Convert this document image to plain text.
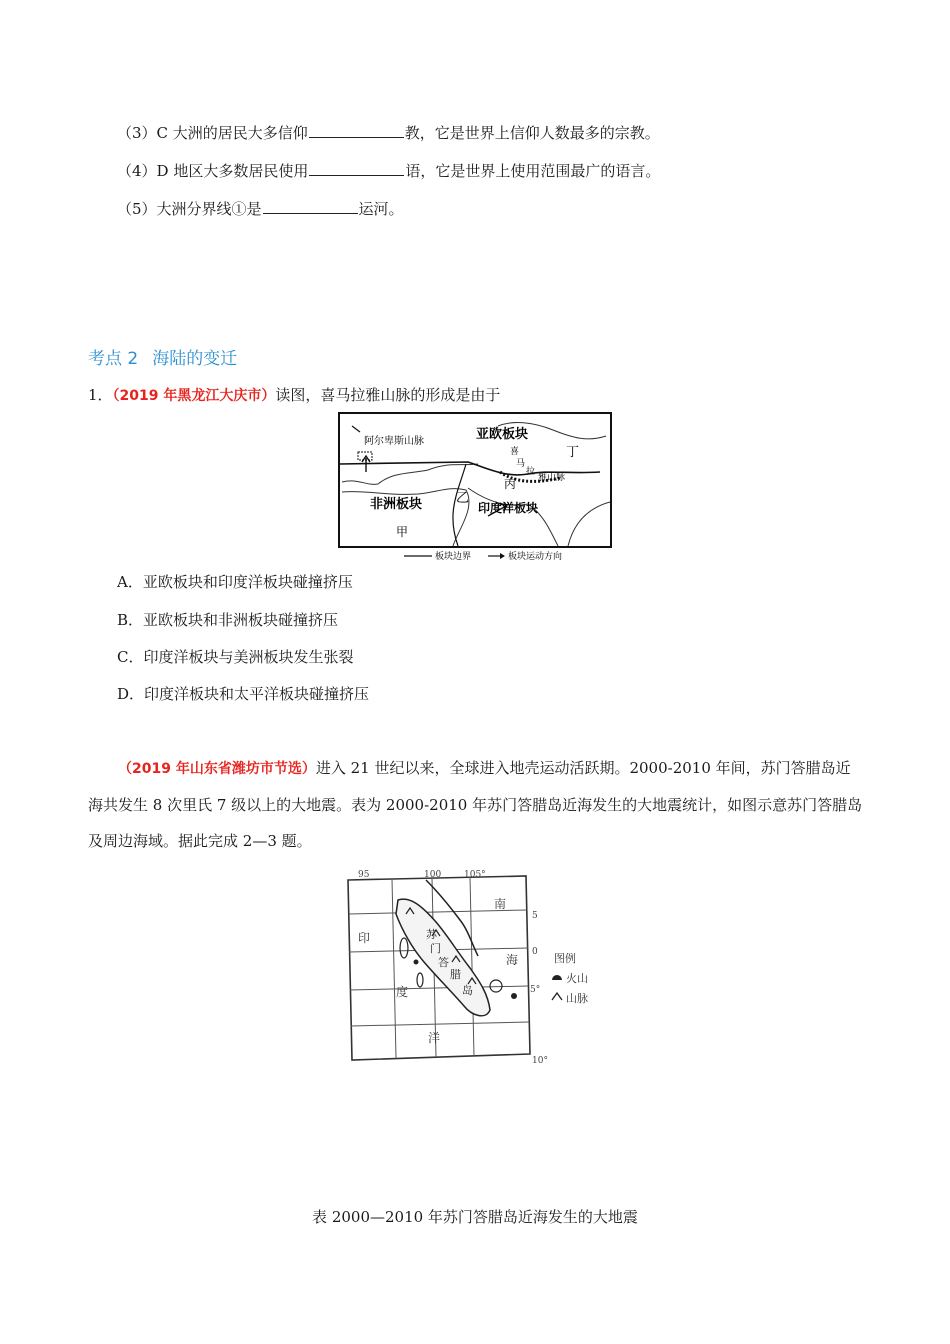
（3）C 大洲的居民大多信仰	教，它是世界上信仰人数最多的宗教。
（4）D 地区大多数居民使用	语，它是世界上使用范围最广的语言。
（5）大洲分界线①是	运河。
考点 2 海陆的变迁
1．（2019 年黑龙江大庆市）读图，喜马拉雅山脉的形成是由于
阿尔卑斯山脉	亚欧板块
非洲板块	印度洋板块
喜
马
拉
雅山脉
甲
乙
丙
丁
板块边界	板块运动方向
A．亚欧板块和印度洋板块碰撞挤压
B．亚欧板块和非洲板块碰撞挤压
C．印度洋板块与美洲板块发生张裂
D．印度洋板块和太平洋板块碰撞挤压
（2019 年山东省潍坊市节选）进入 21 世纪以来，全球进入地壳运动活跃期。2000-2010 年间，苏门答腊岛近海共发生 8 次里氏 7 级以上的大地震。表为 2000-2010 年苏门答腊岛近海发生的大地震统计，如图示意苏门答腊岛及周边海域。据此完成 2—3 题。
95	100	105°
5
0
5°
10°
印
度
洋
南
海
苏
门
答
腊
岛
图例
火山
山脉
表 2000—2010 年苏门答腊岛近海发生的大地震
